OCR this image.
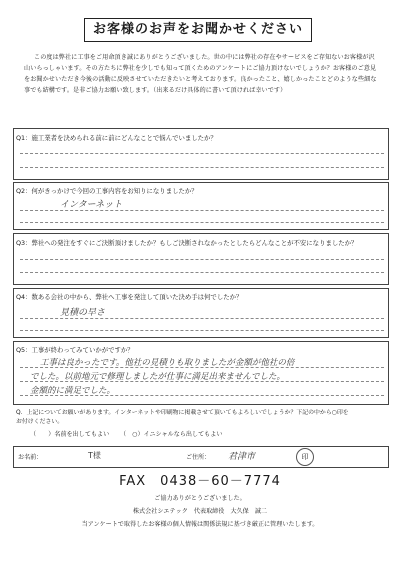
お客様のお声をお聞かせください

この度は弊社に工事をご用命頂き誠にありがとうございました。世の中には弊社の存在やサービスをご存知ないお客様が沢山いらっしゃいます。その方たちに弊社を少しでも知って頂くためのアンケートにご協力頂けないでしょうか？お客様のご意見をお聞かせいただき今後の活動に反映させていただきたいと考えております。良かったこと、嬉しかったことどのような些細な事でも結構です。是非ご協力お願い致します。（出来るだけ具体的に書いて頂ければ幸いです）

Q1：施工業者を決められる前に前にどんなことで悩んでいましたか？
Q2：何がきっかけで今回の工事内容をお知りになりましたか？
インターネット
Q3：弊社への発注をすぐにご決断頂けましたか？もしご決断されなかったとしたらどんなことが不安になりましたか？
Q4：数ある会社の中から、弊社へ工事を発注して頂いた決め手は何でしたか？
見積の早さ
Q5：工事が終わってみていかがですか？
工事は良かったです。他社の見積りも取りましたが金額が他社の倍
でした。以前地元で修理しましたが仕事に満足出来ませんでした。
金額的に満足でした。
Q．上記についてお願いがあります。インターネットや印刷物に掲載させて頂いてもよろしいでしょうか？下記の中から○印を
お付けください。
（　　）名前を出してもよい （　○）イニシャルなら出してもよい
お名前：	T様	ご住所： 君津市	印
FAX　0438－60－7774
ご協力ありがとうございました。
株式会社シエテック　代表取締役　大久保　誠二
当アンケートで取得したお客様の個人情報は関係法規に基づき厳正に管理いたします。
